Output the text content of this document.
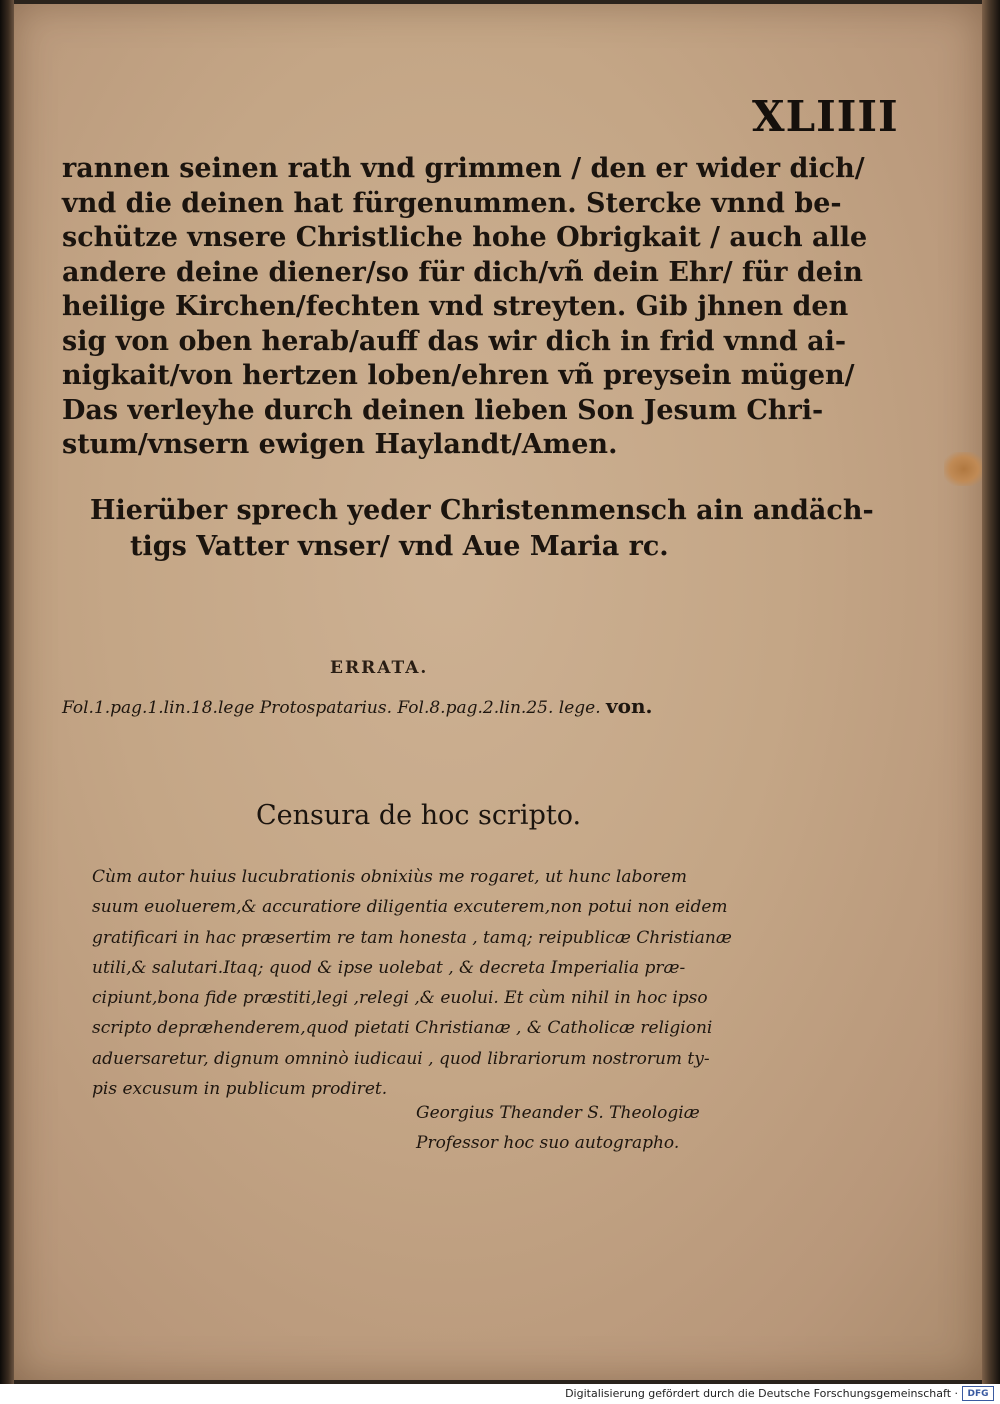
XLIIII
rannen seinen rath vnd grimmen / den er wider dich/
vnd die deinen hat fürgenummen. Stercke vnnd be-
schütze vnsere Christliche hohe Obrigkait / auch alle
andere deine diener/so für dich/vñ dein Ehr/ für dein
heilige Kirchen/fechten vnd streyten. Gib jhnen den
sig von oben herab/auff das wir dich in frid vnnd ai-
nigkait/von hertzen loben/ehren vñ preysein mügen/
Das verleyhe durch deinen lieben Son Jesum Chri-
stum/vnsern ewigen Haylandt/Amen.
Hierüber sprech yeder Christenmensch ain andäch-
tigs Vatter vnser/ vnd Aue Maria rc.
ERRATA.
Fol.1.pag.1.lin.18.lege Protospatarius. Fol.8.pag.2.lin.25. lege. von.
Censura de hoc scripto.
Cùm autor huius lucubrationis obnixiùs me rogaret, ut hunc laborem
suum euoluerem,& accuratiore diligentia excuterem,non potui non eidem
gratificari in hac præsertim re tam honesta , tamq; reipublicæ Christianæ
utili,& salutari.Itaq; quod & ipse uolebat , & decreta Imperialia præ-
cipiunt,bona fide præstiti,legi ,relegi ,& euolui. Et cùm nihil in hoc ipso
scripto depræhenderem,quod pietati Christianæ , & Catholicæ religioni
aduersaretur, dignum omninò iudicaui , quod librariorum nostrorum ty-
pis excusum in publicum prodiret.
Georgius Theander S. Theologiæ
Professor hoc suo autographo.
Digitalisierung gefördert durch die Deutsche Forschungsgemeinschaft ·	DFG
